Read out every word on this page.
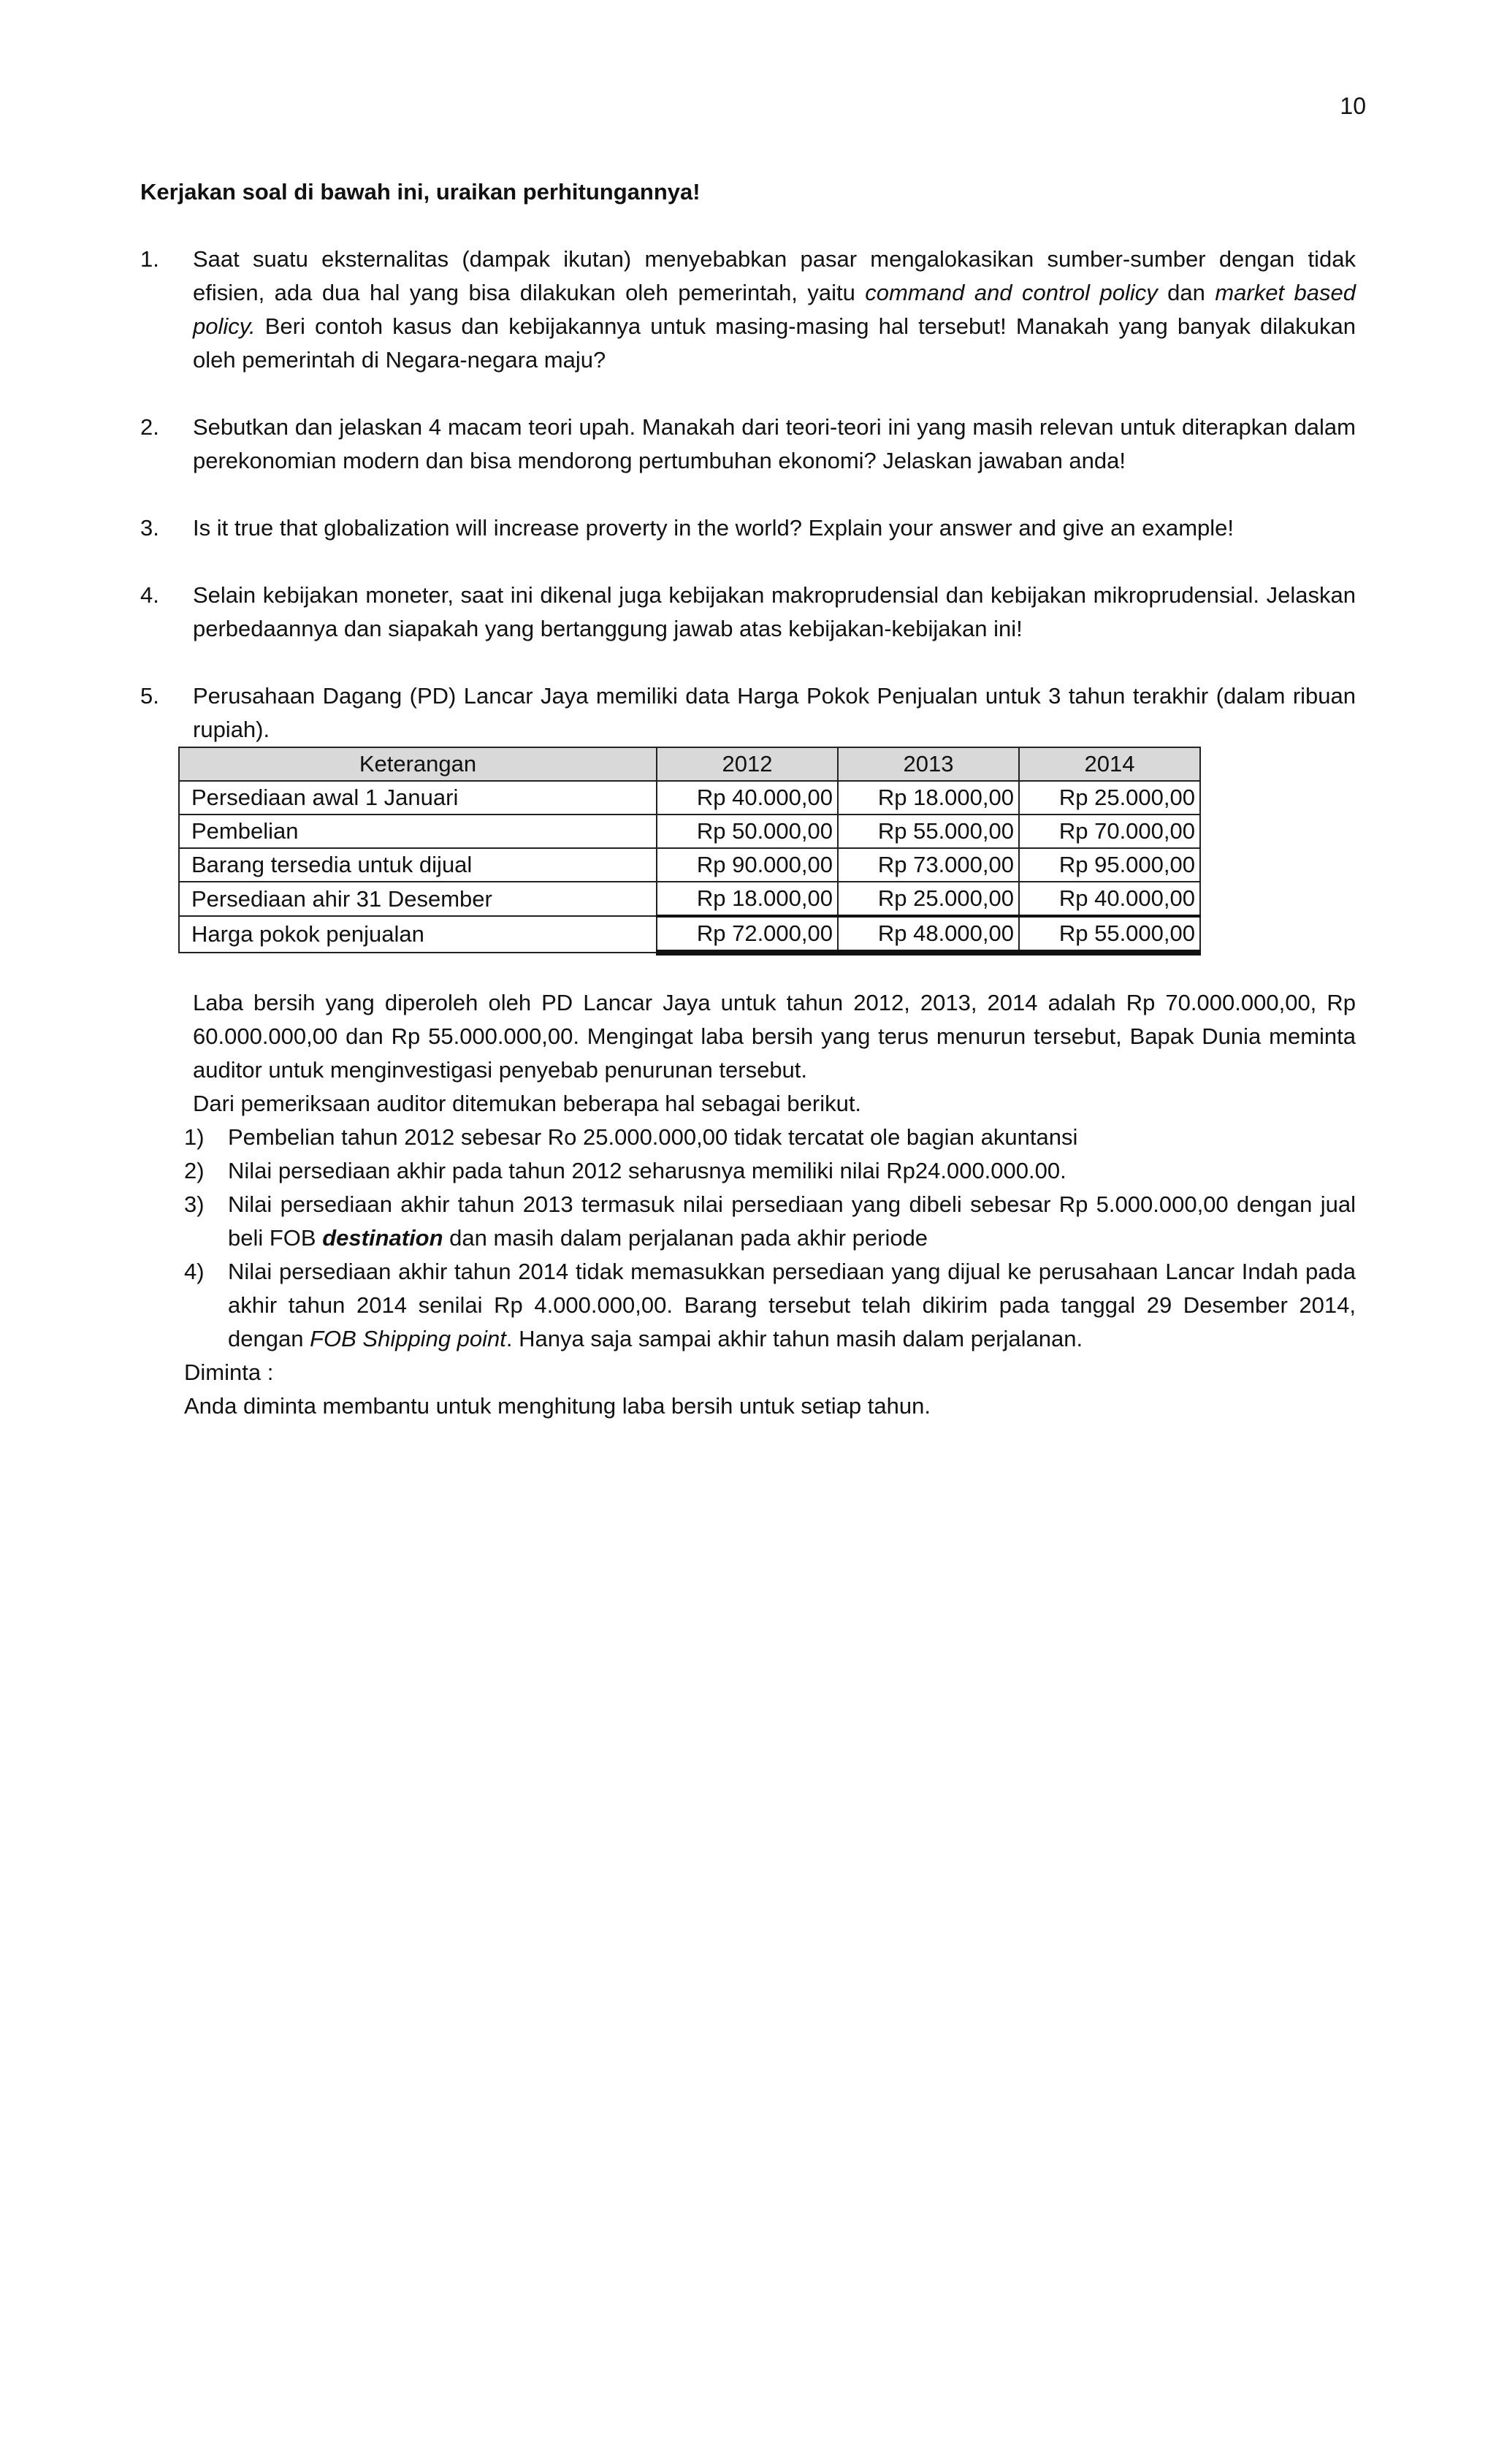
10

Kerjakan soal di bawah ini, uraikan perhitungannya!

1.	Saat suatu eksternalitas (dampak ikutan) menyebabkan pasar mengalokasikan sumber-sumber dengan tidak efisien, ada dua hal yang bisa dilakukan oleh pemerintah, yaitu command and control policy dan market based policy. Beri contoh kasus dan kebijakannya untuk masing-masing hal tersebut! Manakah yang banyak dilakukan oleh pemerintah di Negara-negara maju?
2.	Sebutkan dan jelaskan 4 macam teori upah. Manakah dari teori-teori ini yang masih relevan untuk diterapkan dalam perekonomian modern dan bisa mendorong pertumbuhan ekonomi? Jelaskan jawaban anda!
3.	Is it true that globalization will increase proverty in the world? Explain your answer and give an example!
4.	Selain kebijakan moneter, saat ini dikenal juga kebijakan makroprudensial dan kebijakan mikroprudensial. Jelaskan perbedaannya dan siapakah yang bertanggung jawab atas kebijakan-kebijakan ini!
5.	Perusahaan Dagang (PD) Lancar Jaya memiliki data Harga Pokok Penjualan untuk 3 tahun terakhir (dalam ribuan rupiah).
Keterangan	2012	2013	2014
Persediaan awal 1 Januari	Rp 40.000,00	Rp 18.000,00	Rp 25.000,00
Pembelian	Rp 50.000,00	Rp 55.000,00	Rp 70.000,00
Barang tersedia untuk dijual	Rp 90.000,00	Rp 73.000,00	Rp 95.000,00
Persediaan ahir 31 Desember	Rp 18.000,00	Rp 25.000,00	Rp 40.000,00
Harga pokok penjualan	Rp 72.000,00	Rp 48.000,00	Rp 55.000,00

Laba bersih yang diperoleh oleh PD Lancar Jaya untuk tahun 2012, 2013, 2014 adalah Rp 70.000.000,00, Rp 60.000.000,00 dan Rp 55.000.000,00. Mengingat laba bersih yang terus menurun tersebut, Bapak Dunia meminta auditor untuk menginvestigasi penyebab penurunan tersebut.

Dari pemeriksaan auditor ditemukan beberapa hal sebagai berikut.

1)	Pembelian tahun 2012 sebesar Ro 25.000.000,00 tidak tercatat ole bagian akuntansi
2)	Nilai persediaan akhir pada tahun 2012 seharusnya memiliki nilai Rp24.000.000.00.
3)	Nilai persediaan akhir tahun 2013 termasuk nilai persediaan yang dibeli sebesar Rp 5.000.000,00 dengan jual beli FOB destination dan masih dalam perjalanan pada akhir periode
4)	Nilai persediaan akhir tahun 2014 tidak memasukkan persediaan yang dijual ke perusahaan Lancar Indah pada akhir tahun 2014 senilai Rp 4.000.000,00. Barang tersebut telah dikirim pada tanggal 29 Desember 2014, dengan FOB Shipping point. Hanya saja sampai akhir tahun masih dalam perjalanan.

Diminta :

Anda diminta membantu untuk menghitung laba bersih untuk setiap tahun.
